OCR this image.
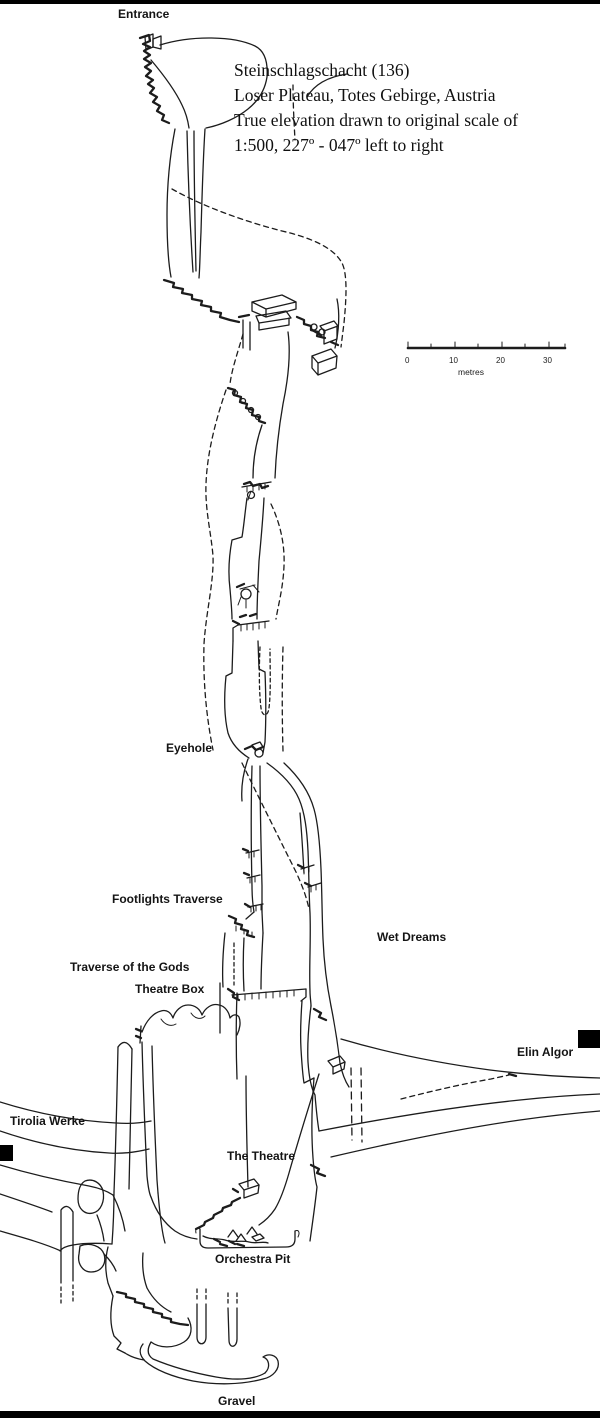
0	10	20	30
metres
Steinschlagschacht (136)
Loser Plateau, Totes Gebirge, Austria
True elevation drawn to original scale of
1:500, 227º - 047º left to right
Entrance
Eyehole
Footlights Traverse
Wet Dreams
Traverse of the Gods
Theatre Box
Elin Algor
Tirolia Werke
The Theatre
Orchestra Pit
Gravel
